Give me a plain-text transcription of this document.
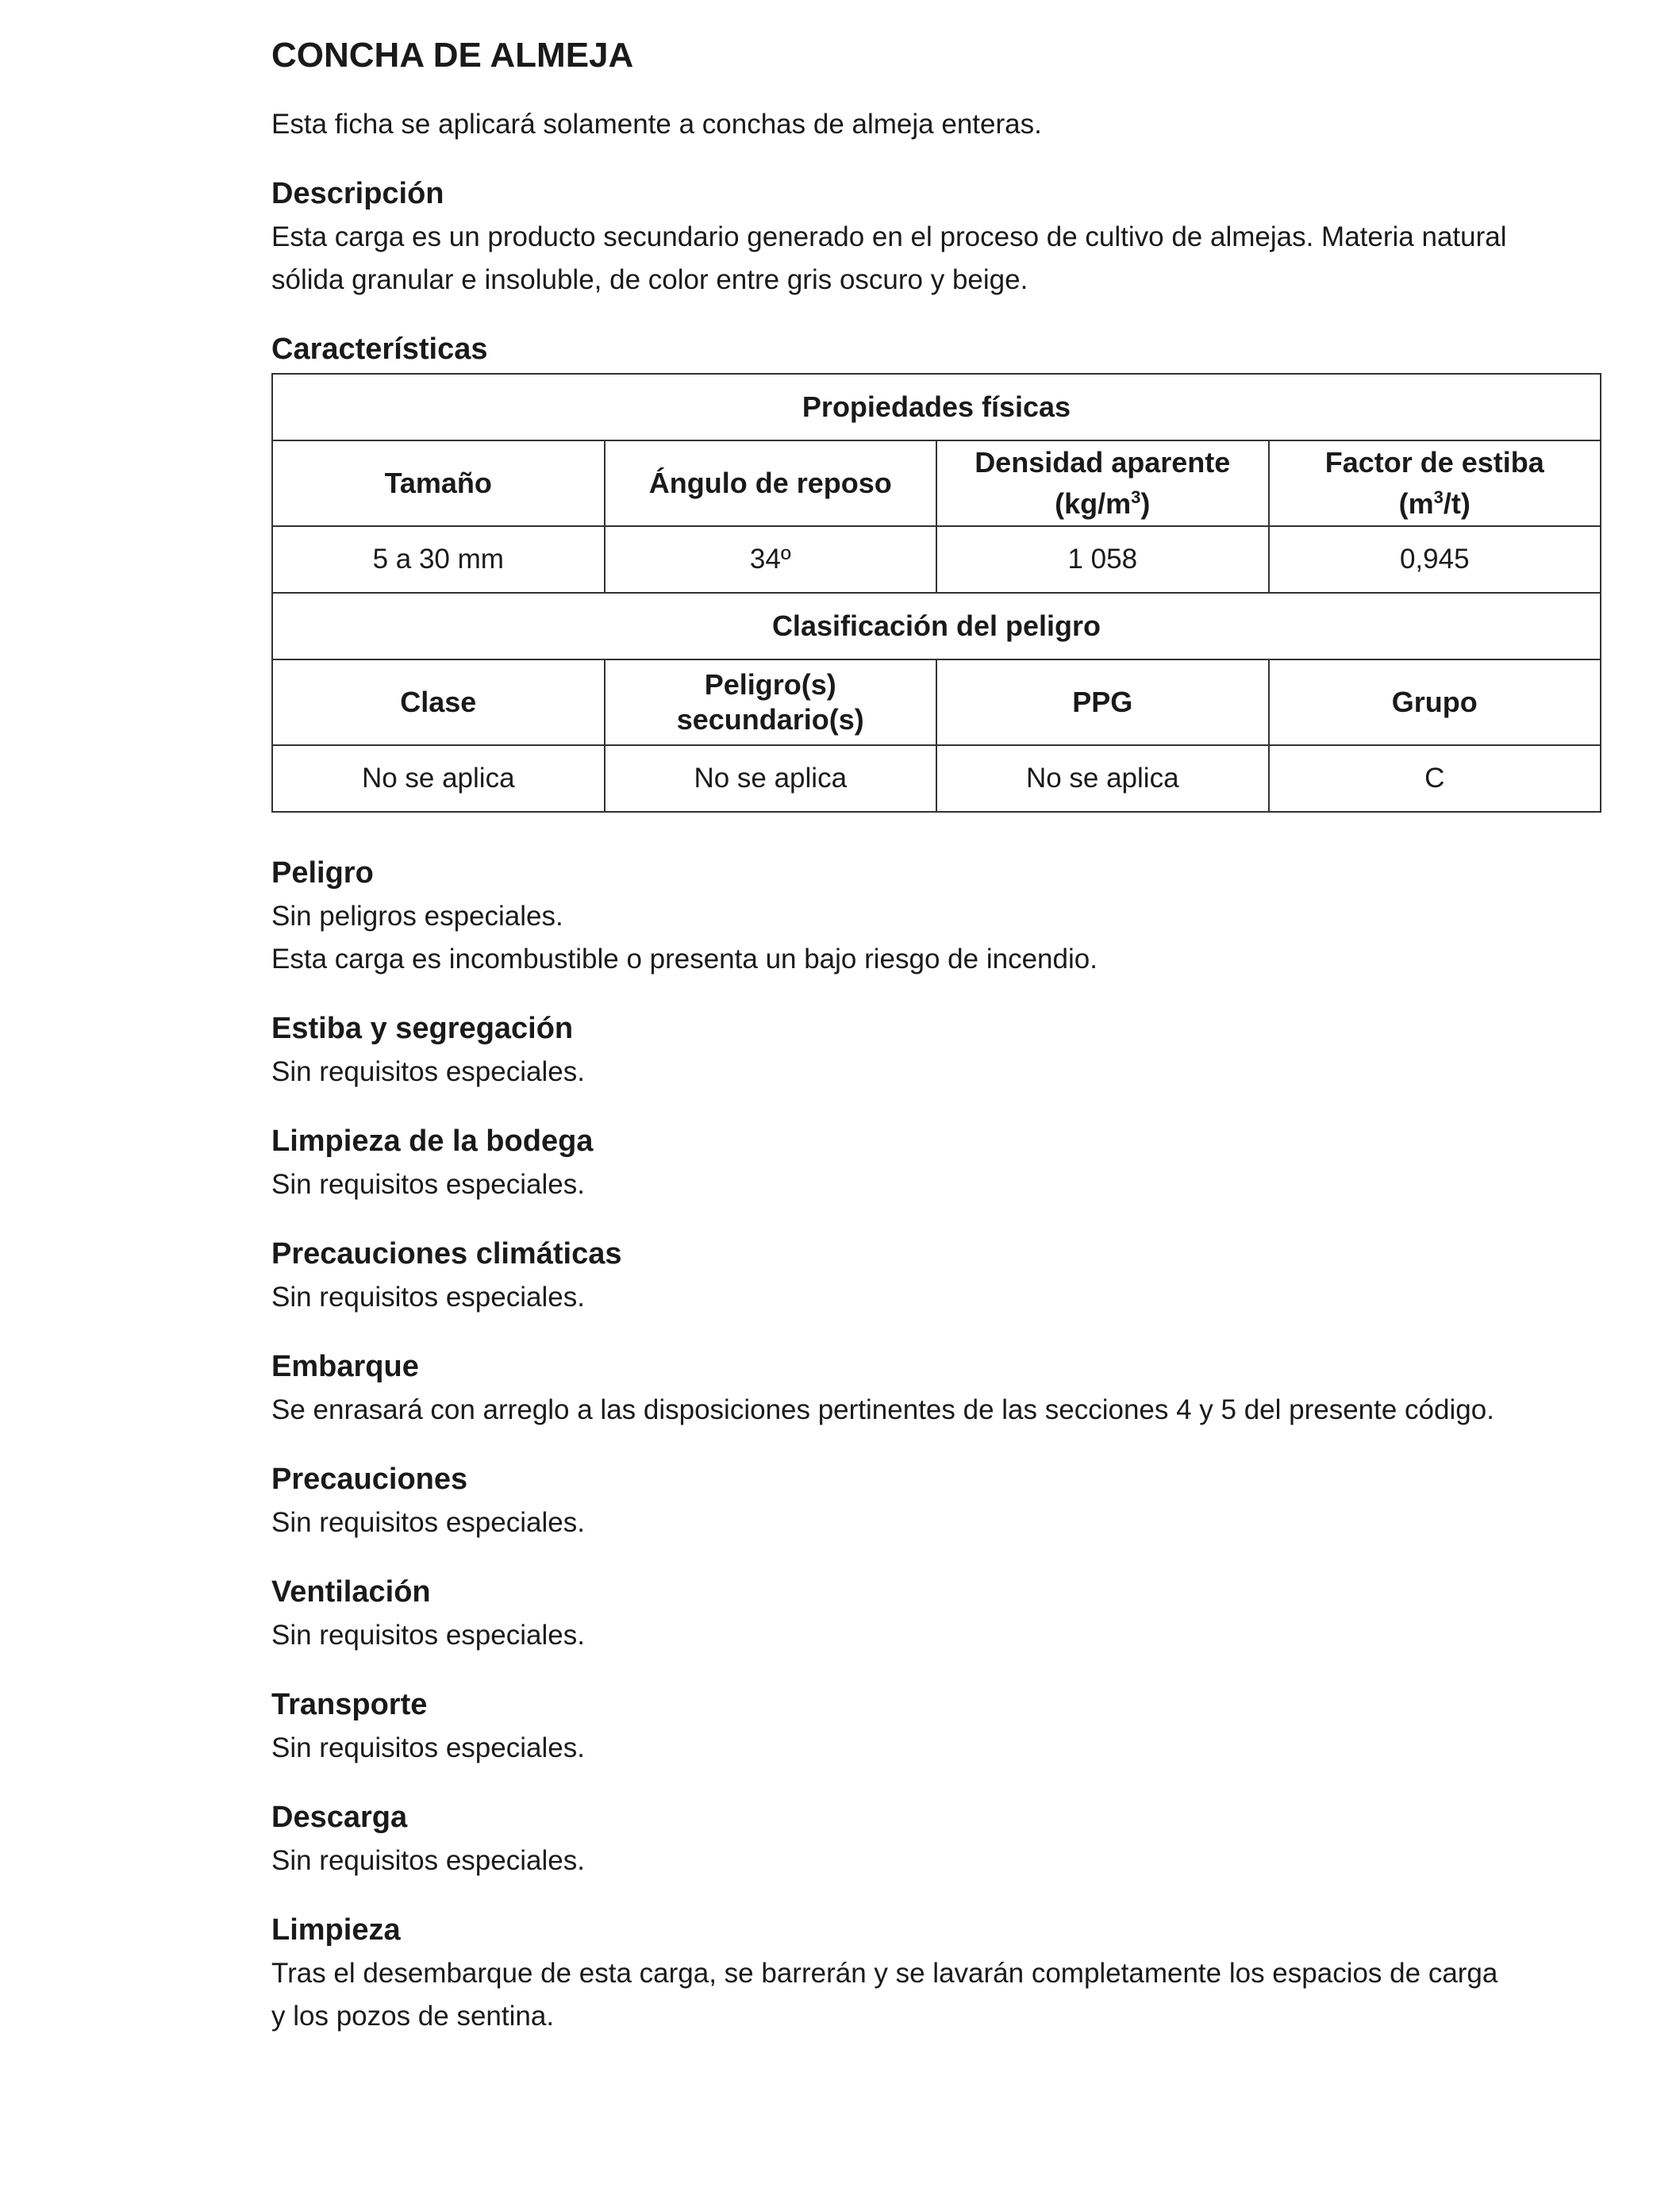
CONCHA DE ALMEJA
Esta ficha se aplicará solamente a conchas de almeja enteras.
Descripción
Esta carga es un producto secundario generado en el proceso de cultivo de almejas. Materia natural
sólida granular e insoluble, de color entre gris oscuro y beige.
Características
Propiedades físicas
Tamaño	Ángulo de reposo	Densidad aparente
$(kg/m^3)$	Factor de estiba
$(m^3/t)$
5 a 30 mm	34º	1 058	0,945
Clasificación del peligro
Clase	Peligro(s)
secundario(s)	PPG	Grupo
No se aplica	No se aplica	No se aplica	C
Peligro
Sin peligros especiales.
Esta carga es incombustible o presenta un bajo riesgo de incendio.
Estiba y segregación
Sin requisitos especiales.
Limpieza de la bodega
Sin requisitos especiales.
Precauciones climáticas
Sin requisitos especiales.
Embarque
Se enrasará con arreglo a las disposiciones pertinentes de las secciones 4 y 5 del presente código.
Precauciones
Sin requisitos especiales.
Ventilación
Sin requisitos especiales.
Transporte
Sin requisitos especiales.
Descarga
Sin requisitos especiales.
Limpieza
Tras el desembarque de esta carga, se barrerán y se lavarán completamente los espacios de carga
y los pozos de sentina.
